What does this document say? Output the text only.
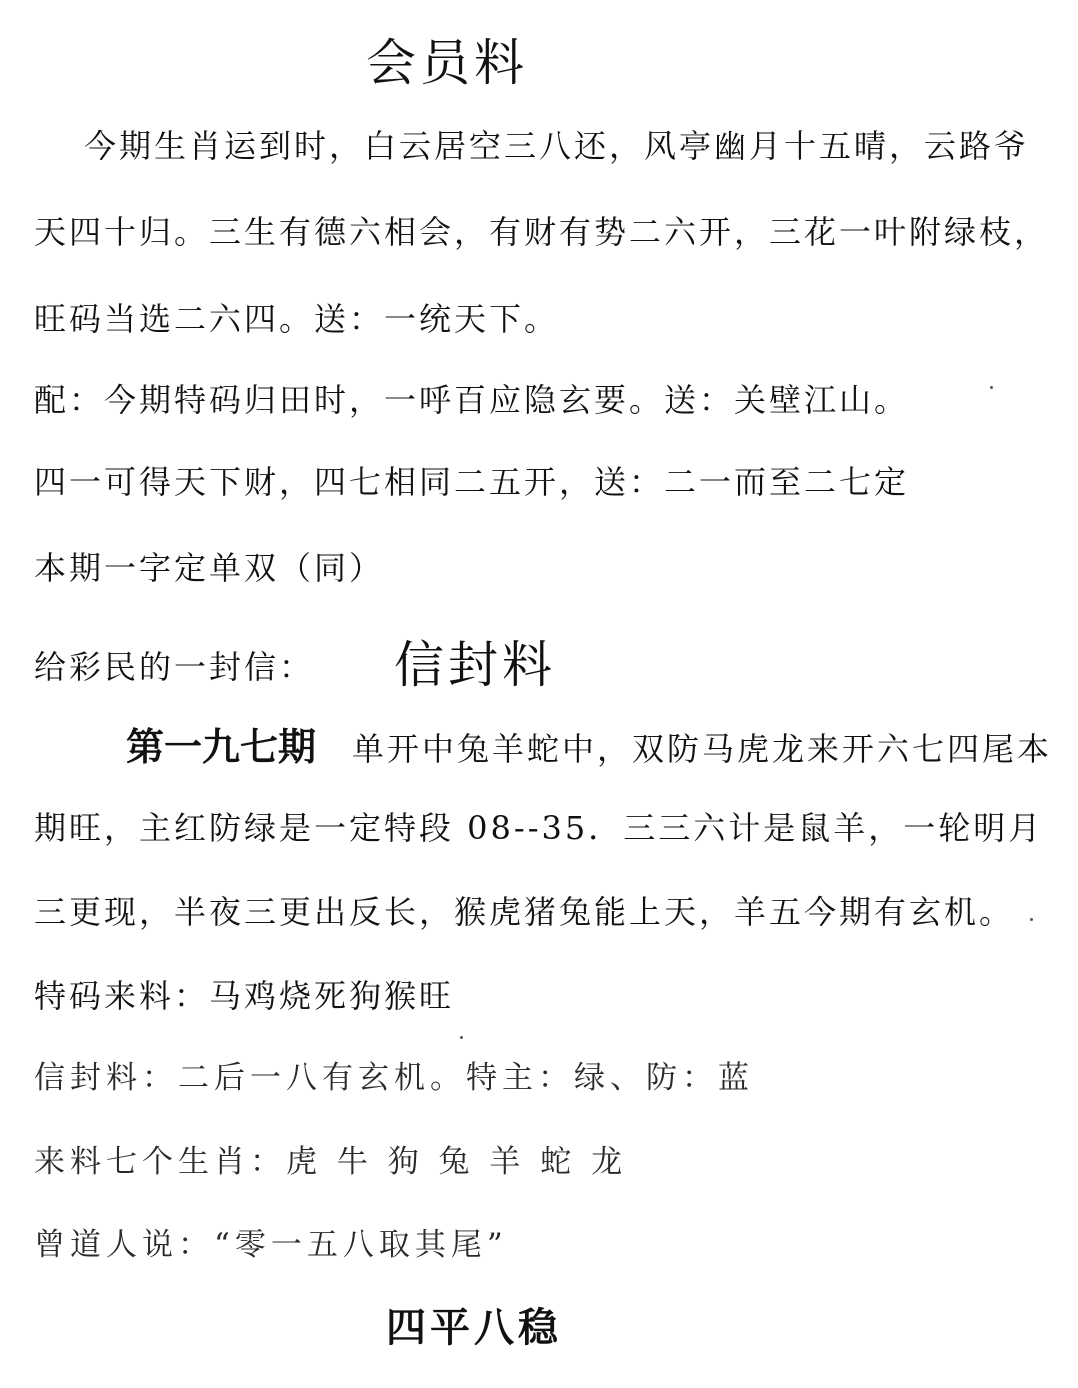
会员料
今期生肖运到时，白云居空三八还，风亭幽月十五晴，云路爷
天四十归。三生有德六相会，有财有势二六开，三花一叶附绿枝，
旺码当选二六四。送：一统天下。
配：今期特码归田时，一呼百应隐玄要。送：关壁江山。
四一可得天下财，四七相同二五开，送：二一而至二七定
本期一字定单双（同）
给彩民的一封信： 信封料
第一九七期 单开中兔羊蛇中，双防马虎龙来开六七四尾本
期旺，主红防绿是一定特段 08--35．三三六计是鼠羊，一轮明月
三更现，半夜三更出反长，猴虎猪兔能上天，羊五今期有玄机。
特码来料：马鸡烧死狗猴旺
信封料：二后一八有玄机。特主：绿、防：蓝
来料七个生肖：虎 牛 狗 兔 羊 蛇 龙
曾道人说：“零一五八取其尾”
四平八稳
